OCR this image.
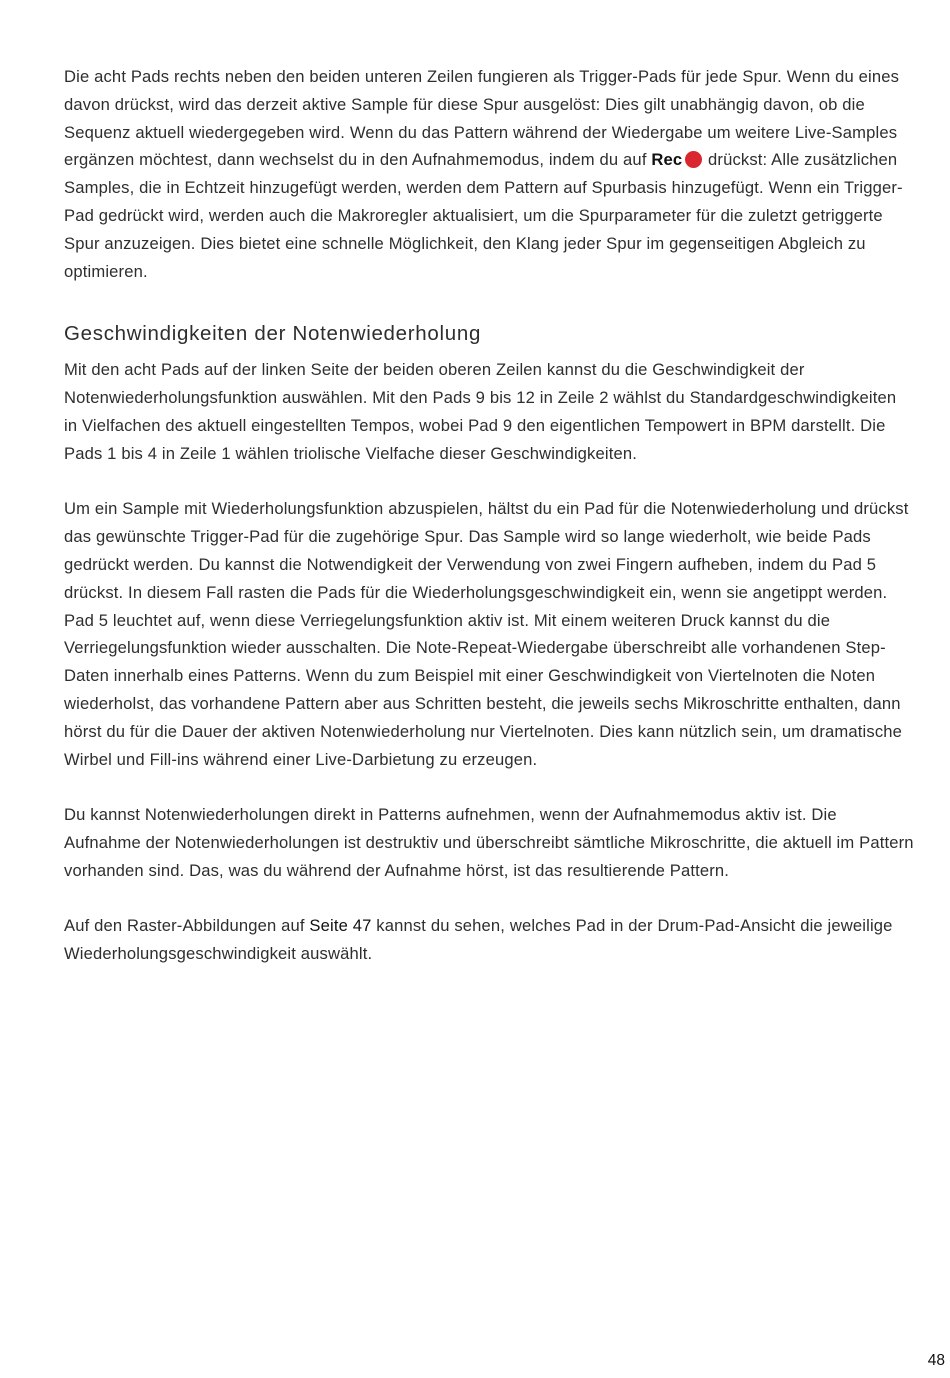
Die acht Pads rechts neben den beiden unteren Zeilen fungieren als Trigger-Pads für jede Spur. Wenn du eines davon drückst, wird das derzeit aktive Sample für diese Spur ausgelöst: Dies gilt unabhängig davon, ob die Sequenz aktuell wiedergegeben wird. Wenn du das Pattern während der Wiedergabe um weitere Live-Samples ergänzen möchtest, dann wechselst du in den Aufnahmemodus, indem du auf Rec drückst: Alle zusätzlichen Samples, die in Echtzeit hinzugefügt werden, werden dem Pattern auf Spurbasis hinzugefügt. Wenn ein Trigger-Pad gedrückt wird, werden auch die Makroregler aktualisiert, um die Spurparameter für die zuletzt getriggerte Spur anzuzeigen. Dies bietet eine schnelle Möglichkeit, den Klang jeder Spur im gegenseitigen Abgleich zu optimieren.

Geschwindigkeiten der Notenwiederholung

Mit den acht Pads auf der linken Seite der beiden oberen Zeilen kannst du die Geschwindigkeit der Notenwiederholungsfunktion auswählen. Mit den Pads 9 bis 12 in Zeile 2 wählst du Standardgeschwindigkeiten in Vielfachen des aktuell eingestellten Tempos, wobei Pad 9 den eigentlichen Tempowert in BPM darstellt. Die Pads 1 bis 4 in Zeile 1 wählen triolische Vielfache dieser Geschwindigkeiten.

Um ein Sample mit Wiederholungsfunktion abzuspielen, hältst du ein Pad für die Notenwiederholung und drückst das gewünschte Trigger-Pad für die zugehörige Spur. Das Sample wird so lange wiederholt, wie beide Pads gedrückt werden. Du kannst die Notwendigkeit der Verwendung von zwei Fingern aufheben, indem du Pad 5 drückst. In diesem Fall rasten die Pads für die Wiederholungsgeschwindigkeit ein, wenn sie angetippt werden. Pad 5 leuchtet auf, wenn diese Verriegelungsfunktion aktiv ist. Mit einem weiteren Druck kannst du die Verriegelungsfunktion wieder ausschalten. Die Note-Repeat-Wiedergabe überschreibt alle vorhandenen Step-Daten innerhalb eines Patterns. Wenn du zum Beispiel mit einer Geschwindigkeit von Viertelnoten die Noten wiederholst, das vorhandene Pattern aber aus Schritten besteht, die jeweils sechs Mikroschritte enthalten, dann hörst du für die Dauer der aktiven Notenwiederholung nur Viertelnoten. Dies kann nützlich sein, um dramatische Wirbel und Fill-ins während einer Live-Darbietung zu erzeugen.

Du kannst Notenwiederholungen direkt in Patterns aufnehmen, wenn der Aufnahmemodus aktiv ist. Die Aufnahme der Notenwiederholungen ist destruktiv und überschreibt sämtliche Mikroschritte, die aktuell im Pattern vorhanden sind. Das, was du während der Aufnahme hörst, ist das resultierende Pattern.

Auf den Raster-Abbildungen auf Seite 47 kannst du sehen, welches Pad in der Drum-Pad-Ansicht die jeweilige Wiederholungsgeschwindigkeit auswählt.

48
